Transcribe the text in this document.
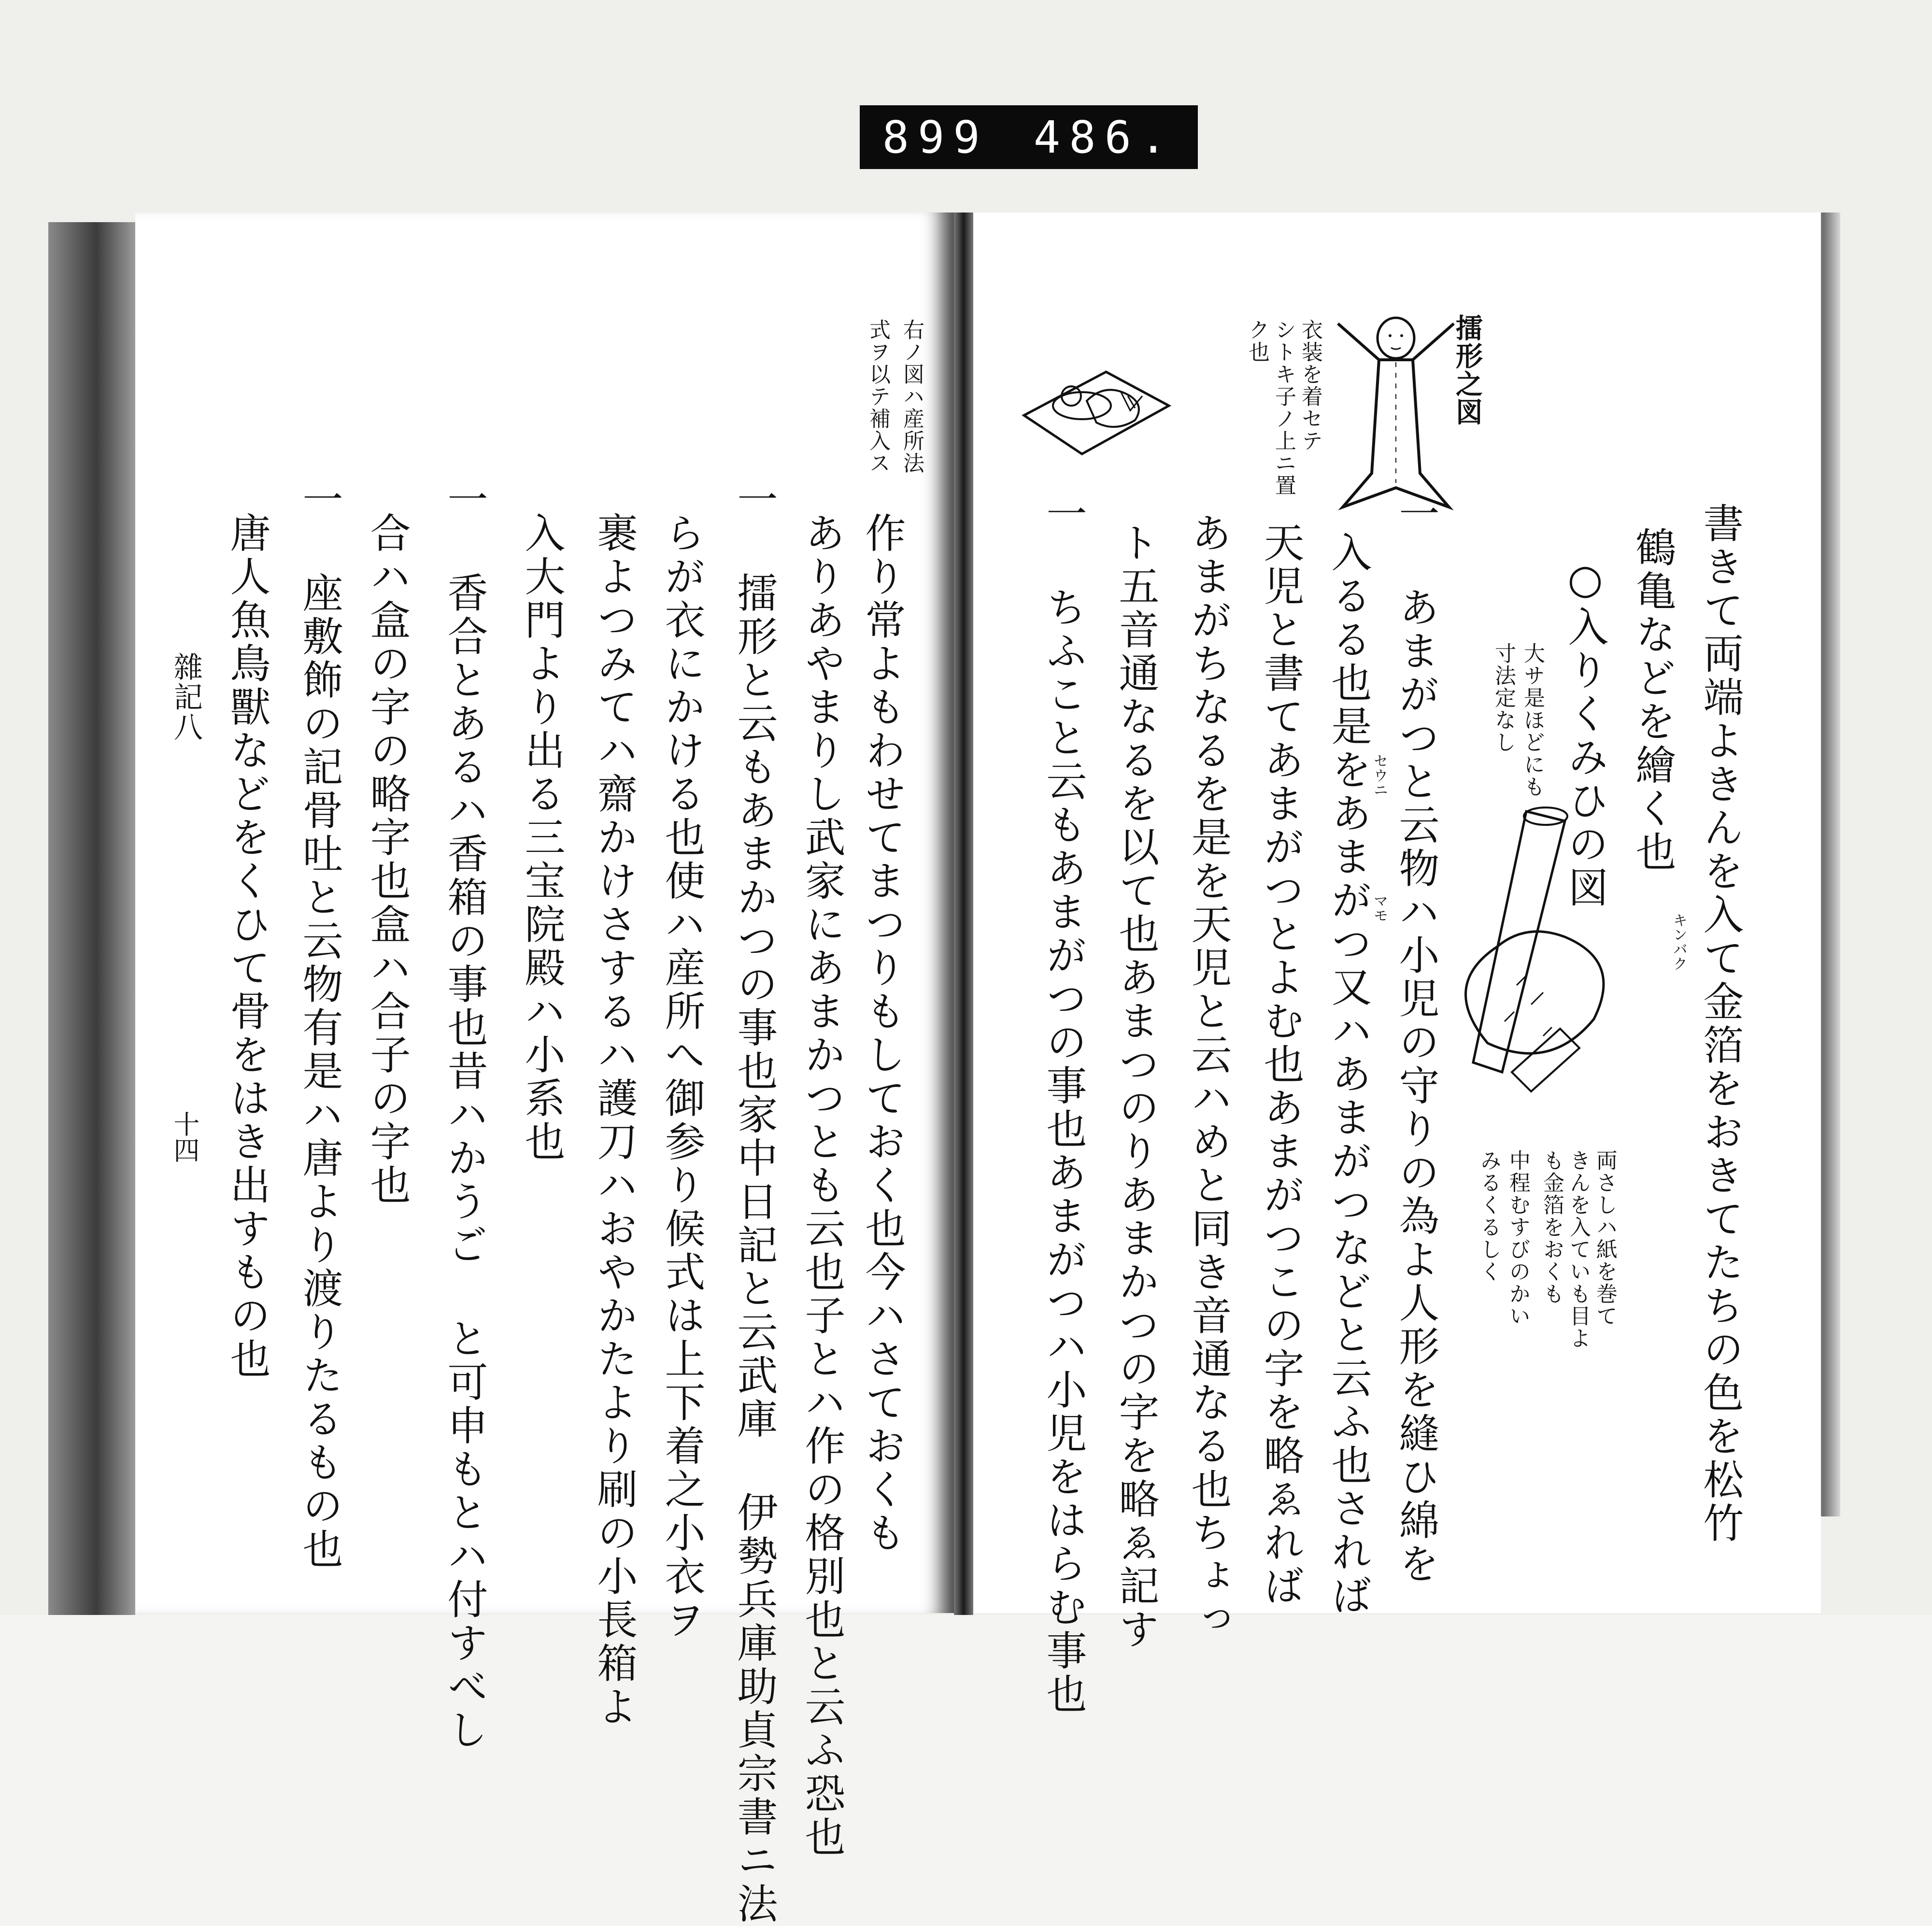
899 486.
右ノ図ハ産所法
式ヲ以テ補入ス
作り常よもわせてまつりもしておく也今ハさておくも
ありあやまりし武家にあまかつとも云也子とハ作の格別也と云ふ恐也
一 擂形と云もあまかつの事也家中日記と云武庫 伊勢兵庫助貞宗書ニ法
らが衣にかける也使ハ産所へ御参り候式は上下着之小衣ヲ
裹よつみてハ齋かけさするハ護刀ハおやかたより刷の小長箱よ
入大門より出る三宝院殿ハ小系也
一 香合とあるハ香箱の事也昔ハかうご と可申もとハ付すべし
合ハ盒の字の略字也盒ハ合子の字也
一 座敷飾の記骨吐と云物有是ハ唐より渡りたるもの也
唐人魚鳥獸などをくひて骨をはき出すもの也
雜記八
十四
擂形之図
衣装を着セテ
シトキ子ノ上ニ置
ク也
書きて両端よきんを入て金箔をおきてたちの色を松竹
鶴亀などを繪く也
○入りくみひの図
大サ是ほどにも
寸法定なし
一 あまがつと云物ハ小児の守りの為よ人形を縫ひ綿を
入るる也是をあまがつ又ハあまがつなどと云ふ也されば
天児と書てあまがつとよむ也あまがつこの字を略ゑれば
あまがちなるを是を天児と云ハめと同き音通なる也ちょっ
ト五音通なるを以て也あまつのりあまかつの字を略ゑ記す
一 ちふこと云もあまがつの事也あまがつハ小児をはらむ事也	両さしハ紙を巻て
きんを入ていも目よ
も金箔をおくも
中程むすびのかい
みるくるしく
キンバク
セウニ
マモ
